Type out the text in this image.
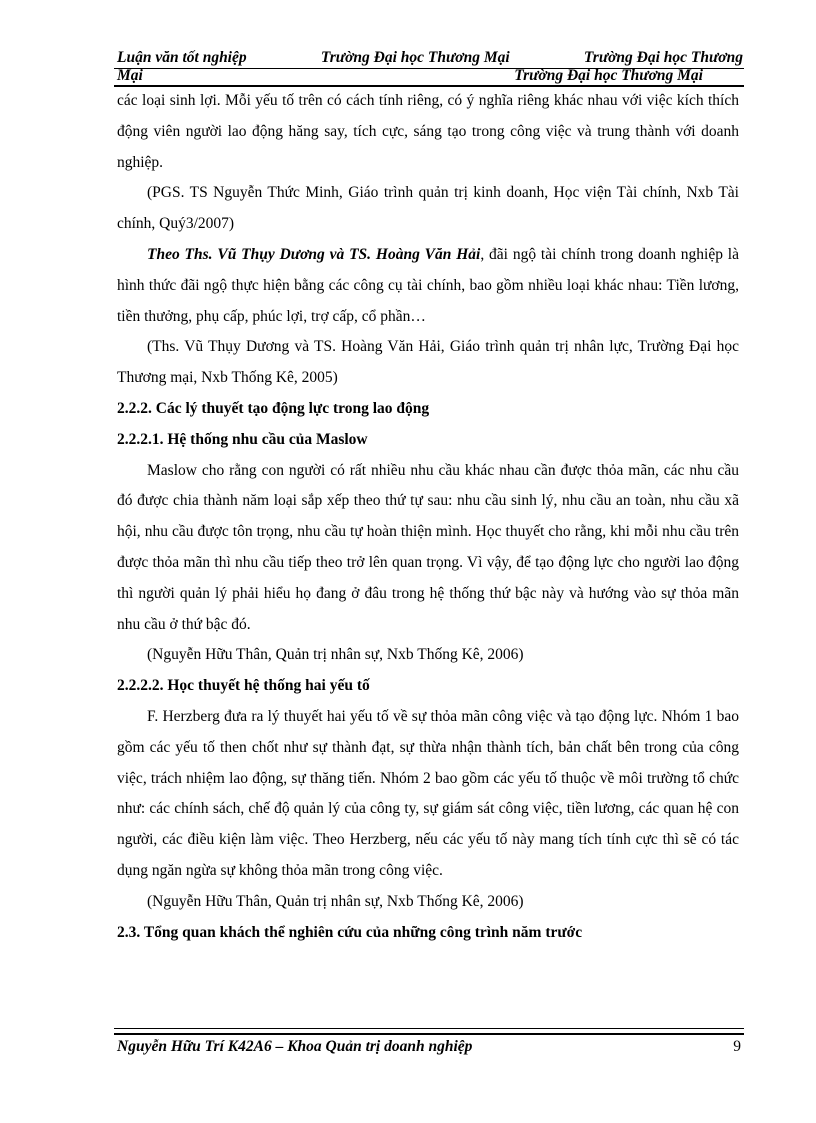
Luận văn tốt nghiệp	Trường Đại học Thương Mại	Trường Đại học Thương
Mại	Trường Đại học Thương Mại

các loại sinh lợi. Mỗi yếu tố trên có cách tính riêng, có ý nghĩa riêng khác nhau với việc kích thích động viên người lao động hăng say, tích cực, sáng tạo trong công việc và trung thành với doanh nghiệp.

(PGS. TS Nguyễn Thức Minh, Giáo trình quản trị kinh doanh, Học viện Tài chính, Nxb Tài chính, Quý3/2007)

Theo Ths. Vũ Thụy Dương và TS. Hoàng Văn Hải, đãi ngộ tài chính trong doanh nghiệp là hình thức đãi ngộ thực hiện bằng các công cụ tài chính, bao gồm nhiều loại khác nhau: Tiền lương, tiền thưởng, phụ cấp, phúc lợi, trợ cấp, cổ phần…

(Ths. Vũ Thụy Dương và TS. Hoàng Văn Hải, Giáo trình quản trị nhân lực, Trường Đại học Thương mại, Nxb Thống Kê, 2005)

2.2.2. Các lý thuyết tạo động lực trong lao động

2.2.2.1. Hệ thống nhu cầu của Maslow

Maslow cho rằng con người có rất nhiều nhu cầu khác nhau cần được thỏa mãn, các nhu cầu đó được chia thành năm loại sắp xếp theo thứ tự sau: nhu cầu sinh lý, nhu cầu an toàn, nhu cầu xã hội, nhu cầu được tôn trọng, nhu cầu tự hoàn thiện mình. Học thuyết cho rằng, khi mỗi nhu cầu trên được thỏa mãn thì nhu cầu tiếp theo trở lên quan trọng. Vì vậy, để tạo động lực cho người lao động thì người quản lý phải hiểu họ đang ở đâu trong hệ thống thứ bậc này và hướng vào sự thỏa mãn nhu cầu ở thứ bậc đó.

(Nguyễn Hữu Thân, Quản trị nhân sự, Nxb Thống Kê, 2006)

2.2.2.2. Học thuyết hệ thống hai yếu tố

F. Herzberg đưa ra lý thuyết hai yếu tố về sự thỏa mãn công việc và tạo động lực. Nhóm 1 bao gồm các yếu tố then chốt như sự thành đạt, sự thừa nhận thành tích, bản chất bên trong của công việc, trách nhiệm lao động, sự thăng tiến. Nhóm 2 bao gồm các yếu tố thuộc về môi trường tổ chức như: các chính sách, chế độ quản lý của công ty, sự giám sát công việc, tiền lương, các quan hệ con người, các điều kiện làm việc. Theo Herzberg, nếu các yếu tố này mang tích tính cực thì sẽ có tác dụng ngăn ngừa sự không thỏa mãn trong công việc.

(Nguyễn Hữu Thân, Quản trị nhân sự, Nxb Thống Kê, 2006)

2.3. Tổng quan khách thể nghiên cứu của những công trình năm trước

Nguyễn Hữu Trí K42A6 – Khoa Quản trị doanh nghiệp	9
